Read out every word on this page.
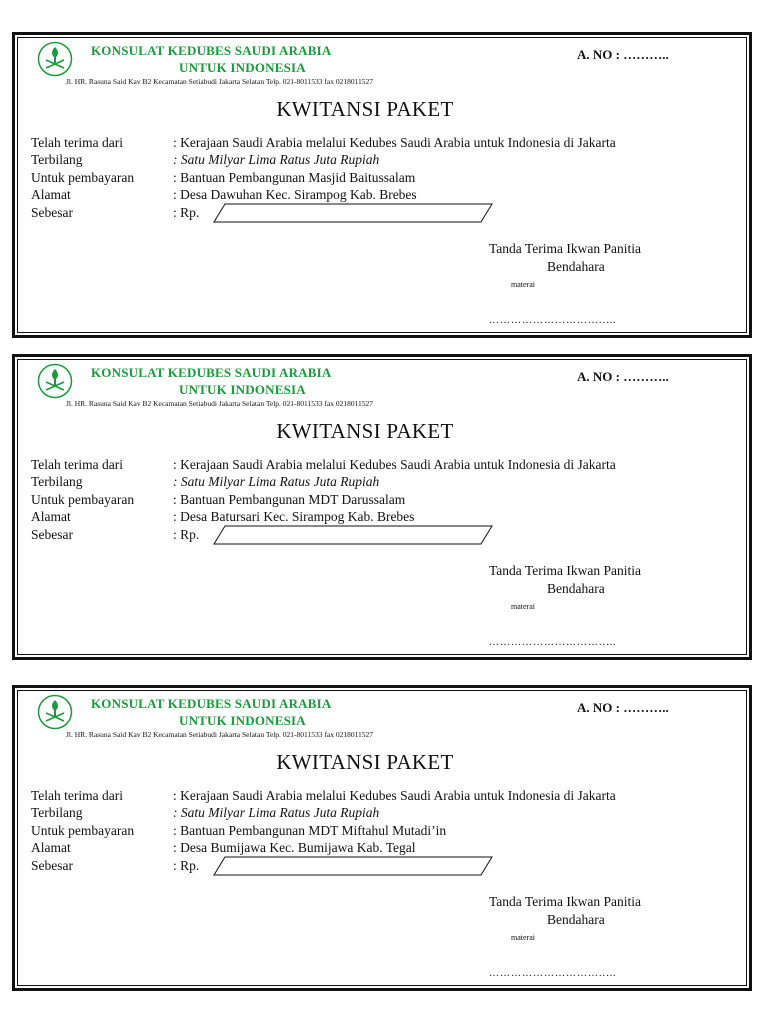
KONSULAT KEDUBES SAUDI ARABIA
UNTUK INDONESIA
Jl. HR. Rasuna Said Kav B2 Kecamatan Setiabudi Jakarta Selatan Telp. 021-8011533 fax 0218011527
A. NO : ………..
KWITANSI PAKET
Telah terima dari	: Kerajaan Saudi Arabia melalui Kedubes Saudi Arabia untuk Indonesia di Jakarta
Terbilang	: Satu Milyar Lima Ratus Juta Rupiah
Untuk pembayaran	: Bantuan Pembangunan Masjid Baitussalam
Alamat	: Desa Dawuhan Kec. Sirampog Kab. Brebes
Sebesar	: Rp.
Tanda Terima Ikwan Panitia
Bendahara
materai
…………………………..…
KONSULAT KEDUBES SAUDI ARABIA
UNTUK INDONESIA
Jl. HR. Rasuna Said Kav B2 Kecamatan Setiabudi Jakarta Selatan Telp. 021-8011533 fax 0218011527
A. NO : ………..
KWITANSI PAKET
Telah terima dari	: Kerajaan Saudi Arabia melalui Kedubes Saudi Arabia untuk Indonesia di Jakarta
Terbilang	: Satu Milyar Lima Ratus Juta Rupiah
Untuk pembayaran	: Bantuan Pembangunan MDT Darussalam
Alamat	: Desa Batursari Kec. Sirampog Kab. Brebes
Sebesar	: Rp.
Tanda Terima Ikwan Panitia
Bendahara
materai
…………………………..…
KONSULAT KEDUBES SAUDI ARABIA
UNTUK INDONESIA
Jl. HR. Rasuna Said Kav B2 Kecamatan Setiabudi Jakarta Selatan Telp. 021-8011533 fax 0218011527
A. NO : ………..
KWITANSI PAKET
Telah terima dari	: Kerajaan Saudi Arabia melalui Kedubes Saudi Arabia untuk Indonesia di Jakarta
Terbilang	: Satu Milyar Lima Ratus Juta Rupiah
Untuk pembayaran	: Bantuan Pembangunan MDT Miftahul Mutadi’in
Alamat	: Desa Bumijawa Kec. Bumijawa Kab. Tegal
Sebesar	: Rp.
Tanda Terima Ikwan Panitia
Bendahara
materai
…………………………..…
